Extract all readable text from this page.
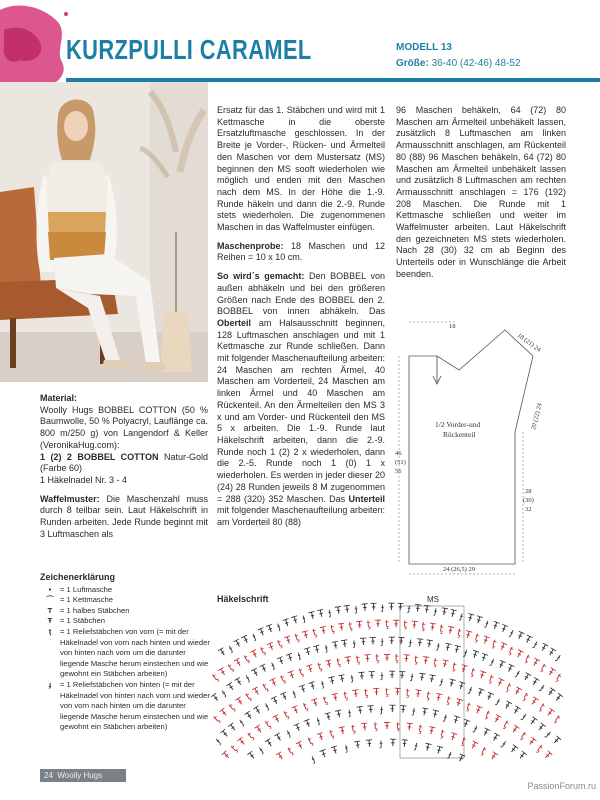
KURZPULLI CARAMEL	MODELL 13
Größe: 36-40 (42-46) 48-52

Material:
Woolly Hugs BOBBEL COTTON (50 % Baumwolle, 50 % Polyacryl, Lauflänge ca. 800 m/250 g) von Langendorf & Keller (VeronikaHug.com):
1 (2) 2 BOBBEL COTTON Natur-Gold (Farbe 60)
1 Häkelnadel Nr. 3 - 4

Waffelmuster: Die Maschenzahl muss durch 8 teilbar sein. Laut Häkelschrift in Runden arbeiten. Jede Runde beginnt mit 3 Luftmaschen als

Ersatz für das 1. Stäbchen und wird mit 1 Kettmasche in die oberste Ersatzluftmasche geschlossen. In der Breite je Vorder-, Rücken- und Ärmelteil den Maschen vor dem Mustersatz (MS) beginnen den MS sooft wiederholen wie möglich und enden mit den Maschen nach dem MS. In der Höhe die 1.-9. Runde häkeln und dann die 2.-9. Runde stets wiederholen. Die zugenommenen Maschen in das Waffelmuster einfügen.

Maschenprobe: 18 Maschen und 12 Reihen = 10 x 10 cm.

So wird´s gemacht: Den BOBBEL von außen abhäkeln und bei den größeren Größen nach Ende des BOBBEL den 2. BOBBEL von innen abhäkeln. Das Oberteil am Halsausschnitt beginnen, 128 Luftmaschen anschlagen und mit 1 Kettmasche zur Runde schließen. Dann mit folgender Maschenaufteilung arbeiten: 24 Maschen am rechten Ärmel, 40 Maschen am Vorderteil, 24 Maschen am linken Ärmel und 40 Maschen am Rückenteil. An den Ärmelteilen den MS 3 x und am Vorder- und Rückenteil den MS 5 x arbeiten. Die 1.-9. Runde laut Häkelschrift arbeiten, dann die 2.-9. Runde noch 1 (2) 2 x wiederholen, dann die 2.-5. Runde noch 1 (0) 1 x wiederholen. Es werden in jeder dieser 20 (24) 28 Runden jeweils 8 M zugenommen = 288 (320) 352 Maschen. Das Unterteil mit folgender Maschenaufteilung arbeiten: am Vorderteil 80 (88)

96 Maschen behäkeln, 64 (72) 80 Maschen am Ärmelteil unbehäkelt lassen, zusätzlich 8 Luftmaschen am linken Armausschnitt anschlagen, am Rückenteil 80 (88) 96 Maschen behäkeln, 64 (72) 80 Maschen am Ärmelteil unbehäkelt lassen und zusätzlich 8 Luftmaschen am rechten Armausschnitt anschlagen = 176 (192) 208 Maschen. Die Runde mit 1 Kettmasche schließen und weiter im Waffelmuster arbeiten. Laut Häkelschrift den gezeichneten MS stets wiederholen. Nach 28 (30) 32 cm ab Beginn des Unterteils oder in Wunschlänge die Arbeit beenden.

18
18 (21) 24
20 (22) 24
1/2 Vorder-und
Rückenteil
46
(51)
56
28
(30)
32
24 (26,5) 29
Zeichenerklärung
•	= 1 Luftmasche
⌒ = 1 Kettmasche
T	= 1 halbes Stäbchen
Ŧ	= 1 Stäbchen
ţ	= 1 Reliefstäbchen von vorn (= mit der Häkelnadel von vorn nach hinten und wieder von hinten nach vorn um die darunter liegende Masche herum einstechen und wie gewohnt ein Stäbchen arbeiten)
ɟ	= 1 Reliefstäbchen von hinten (= mit der Häkelnadel von hinten nach vorn und wieder von vorn nach hinten um die darunter liegende Masche herum einstechen und wie gewohnt ein Stäbchen arbeiten)
Häkelschrift	MS
ɟ Ŧ Ŧ ɟ Ŧ Ŧ ɟ Ŧ Ŧ ɟ Ŧ Ŧ ɟ Ŧ
Ŧ ţ Ŧ ţ Ŧ ţ Ŧ ţ Ŧ ţ Ŧ ţ Ŧ ţ Ŧ ţ Ŧ ţ Ŧ ţ Ŧ
Ŧ
ɟ Ŧ
Ŧ ɟ Ŧ Ŧ ɟ Ŧ Ŧ ɟ Ŧ Ŧ ɟ Ŧ Ŧ ɟ Ŧ Ŧ ɟ Ŧ Ŧ ɟ Ŧ
Ŧ ɟ Ŧ
Ŧ
Ŧ
ţ
Ŧ
ţ
Ŧ
ţ Ŧ ţ Ŧ ţ Ŧ ţ Ŧ ţ Ŧ ţ Ŧ ţ Ŧ ţ Ŧ ţ Ŧ ţ Ŧ ţ Ŧ ţ Ŧ ţ
Ŧ
ţ
Ŧ
ţ
Ŧ
ɟ
Ŧ
Ŧ
ɟ
Ŧ
Ŧ ɟ Ŧ
Ŧ ɟ Ŧ Ŧ ɟ Ŧ Ŧ ɟ Ŧ Ŧ ɟ Ŧ Ŧ ɟ Ŧ Ŧ ɟ Ŧ Ŧ ɟ Ŧ Ŧ ɟ Ŧ
Ŧ
ɟ
Ŧ
Ŧ
ɟ
Ŧ
ţ
Ŧ
ţ
Ŧ
ţ
Ŧ
ţ Ŧ ţ Ŧ ţ Ŧ ţ Ŧ ţ Ŧ ţ Ŧ ţ Ŧ ţ Ŧ ţ Ŧ ţ Ŧ ţ Ŧ ţ Ŧ ţ Ŧ ţ
Ŧ
ţ
Ŧ
ţ
Ŧ
ţ
Ŧ
ɟ
Ŧ
Ŧ
ɟ Ŧ
Ŧ ɟ Ŧ Ŧ ɟ Ŧ Ŧ ɟ Ŧ Ŧ ɟ Ŧ Ŧ ɟ Ŧ Ŧ ɟ Ŧ Ŧ ɟ Ŧ Ŧ ɟ Ŧ Ŧ ɟ Ŧ
Ŧ ɟ Ŧ
Ŧ
ɟ
Ŧ
Ŧ
ţ
Ŧ
ţ
Ŧ
ţ
Ŧ
ţ Ŧ ţ Ŧ ţ Ŧ ţ Ŧ ţ Ŧ ţ Ŧ ţ Ŧ ţ Ŧ ţ Ŧ ţ Ŧ ţ Ŧ ţ Ŧ ţ Ŧ ţ Ŧ ţ
Ŧ
ţ
Ŧ
ţ
Ŧ
ţ
Ŧ
ɟ
Ŧ
Ŧ ɟ Ŧ
Ŧ ɟ Ŧ Ŧ ɟ Ŧ Ŧ ɟ Ŧ Ŧ ɟ Ŧ Ŧ ɟ Ŧ Ŧ ɟ Ŧ Ŧ ɟ Ŧ Ŧ ɟ Ŧ Ŧ ɟ Ŧ
Ŧ ɟ Ŧ
Ŧ
ɟ
Ŧ
Ŧ
ɟ
24 Woolly Hugs
PassionForum.ru
